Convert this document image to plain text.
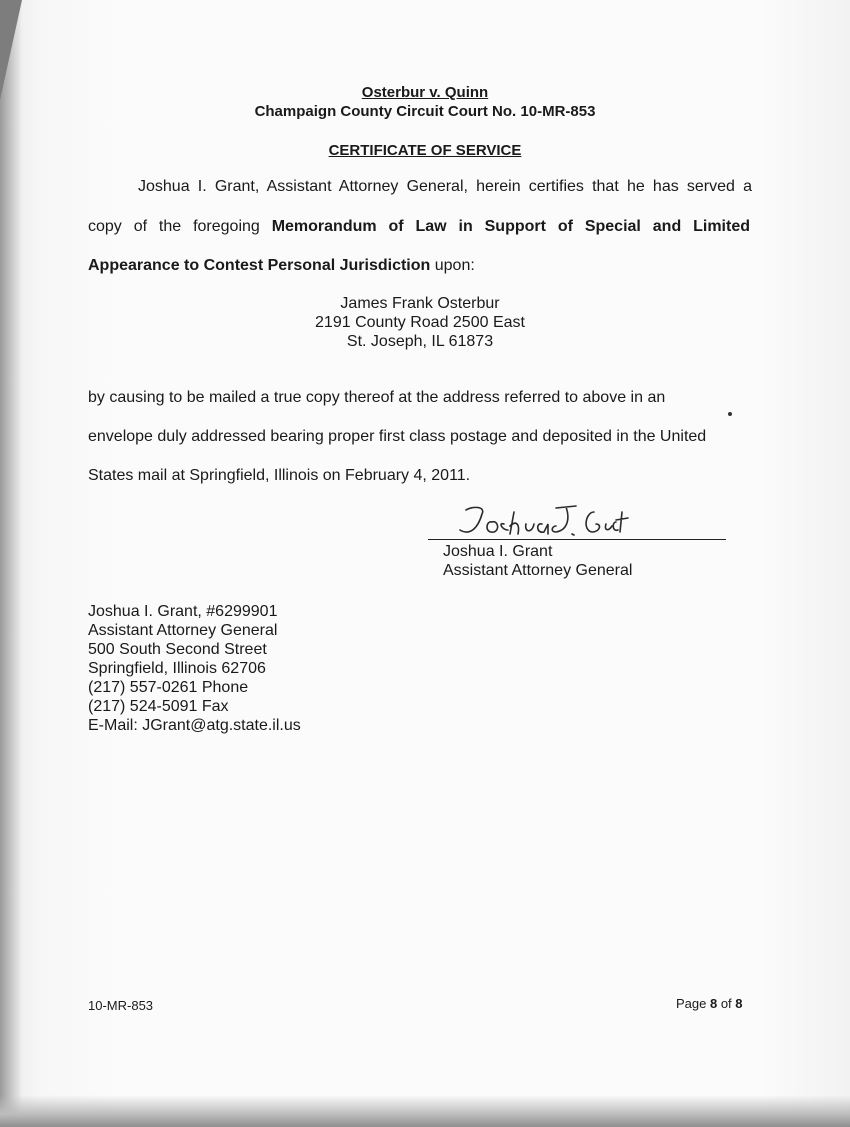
Osterbur v. Quinn
Champaign County Circuit Court No. 10-MR-853
CERTIFICATE OF SERVICE
Joshua I. Grant, Assistant Attorney General, herein certifies that he has served a
copy of the foregoing Memorandum of Law in Support of Special and Limited
Appearance to Contest Personal Jurisdiction upon:
James Frank Osterbur
2191 County Road 2500 East
St. Joseph, IL 61873
by causing to be mailed a true copy thereof at the address referred to above in an
envelope duly addressed bearing proper first class postage and deposited in the United
States mail at Springfield, Illinois on February 4, 2011.
Joshua I. Grant
Assistant Attorney General
Joshua I. Grant, #6299901
Assistant Attorney General
500 South Second Street
Springfield, Illinois 62706
(217) 557-0261 Phone
(217) 524-5091 Fax
E-Mail: JGrant@atg.state.il.us
10-MR-853	Page 8 of 8
